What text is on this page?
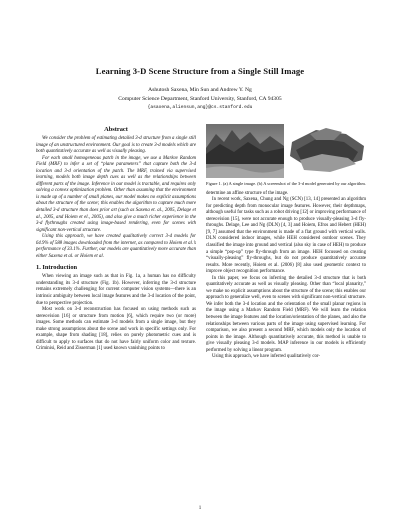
Learning 3-D Scene Structure from a Single Still Image
Ashutosh Saxena, Min Sun and Andrew Y. Ng
Computer Science Department, Stanford University, Stanford, CA 94305
{asaxena,aliensun,ang}@cs.stanford.edu
Abstract

We consider the problem of estimating detailed 3-d structure from a single still image of an unstructured environment. Our goal is to create 3-d models which are both quantitatively accurate as well as visually pleasing.

For each small homogeneous patch in the image, we use a Markov Random Field (MRF) to infer a set of “plane parameters” that capture both the 3-d location and 3-d orientation of the patch. The MRF, trained via supervised learning, models both image depth cues as well as the relationships between different parts of the image. Inference in our model is tractable, and requires only solving a convex optimization problem. Other than assuming that the environment is made up of a number of small planes, our model makes no explicit assumptions about the structure of the scene; this enables the algorithm to capture much more detailed 3-d structure than does prior art (such as Saxena et. al., 2005, Delage et al., 2005, and Hoiem et el., 2005), and also give a much richer experience in the 3-d flythroughs created using image-based rendering, even for scenes with significant non-vertical structure.

Using this approach, we have created qualitatively correct 3-d models for 64.9% of 588 images downloaded from the internet, as compared to Hoiem et al.’s performance of 33.1%. Further, our models are quantitatively more accurate than either Saxena et al. or Hoiem et al.

1. Introduction

When viewing an image such as that in Fig. 1a, a human has no difficulty understanding its 3-d structure (Fig. 1b). However, inferring the 3-d structure remains extremely challenging for current computer vision systems—there is an intrinsic ambiguity between local image features and the 3-d location of the point, due to perspective projection.

Most work on 3-d reconstruction has focused on using methods such as stereovision [16] or structure from motion [6], which require two (or more) images. Some methods can estimate 3-d models from a single image, but they make strong assumptions about the scene and work in specific settings only. For example, shape from shading [18], relies on purely photometric cues and is difficult to apply to surfaces that do not have fairly uniform color and texture. Criminisi, Reid and Zisserman [1] used known vanishing points to

Figure 1. (a) A single image. (b) A screenshot of the 3-d model generated by our algorithm.

determine an affine structure of the image.

In recent work, Saxena, Chung and Ng (SCN) [13, 14] presented an algorithm for predicting depth from monocular image features. However, their depthmaps, although useful for tasks such as a robot driving [12] or improving performance of stereovision [15], were not accurate enough to produce visually-pleasing 3-d fly-throughs. Delage, Lee and Ng (DLN) [4, 3] and Hoiem, Efros and Hebert (HEH) [9, 7] assumed that the environment is made of a flat ground with vertical walls. DLN considered indoor images, while HEH considered outdoor scenes. They classified the image into ground and vertical (also sky in case of HEH) to produce a simple “pop-up” type fly-through from an image. HEH focussed on creating “visually-pleasing” fly-throughs, but do not produce quantitatively accurate results. More recently, Hoiem et al. (2006) [8] also used geometric context to improve object recognition performance.

In this paper, we focus on inferring the detailed 3-d structure that is both quantitatively accurate as well as visually pleasing. Other than “local planarity,” we make no explicit assumptions about the structure of the scene; this enables our approach to generalize well, even to scenes with significant non-vertical structure. We infer both the 3-d location and the orientation of the small planar regions in the image using a Markov Random Field (MRF). We will learn the relation between the image features and the location/orientation of the planes, and also the relationships between various parts of the image using supervised learning. For comparison, we also present a second MRF, which models only the location of points in the image. Although quantitatively accurate, this method is unable to give visually pleasing 3-d models. MAP inference in our models is efficiently performed by solving a linear program.

Using this approach, we have inferred qualitatively cor-

1
